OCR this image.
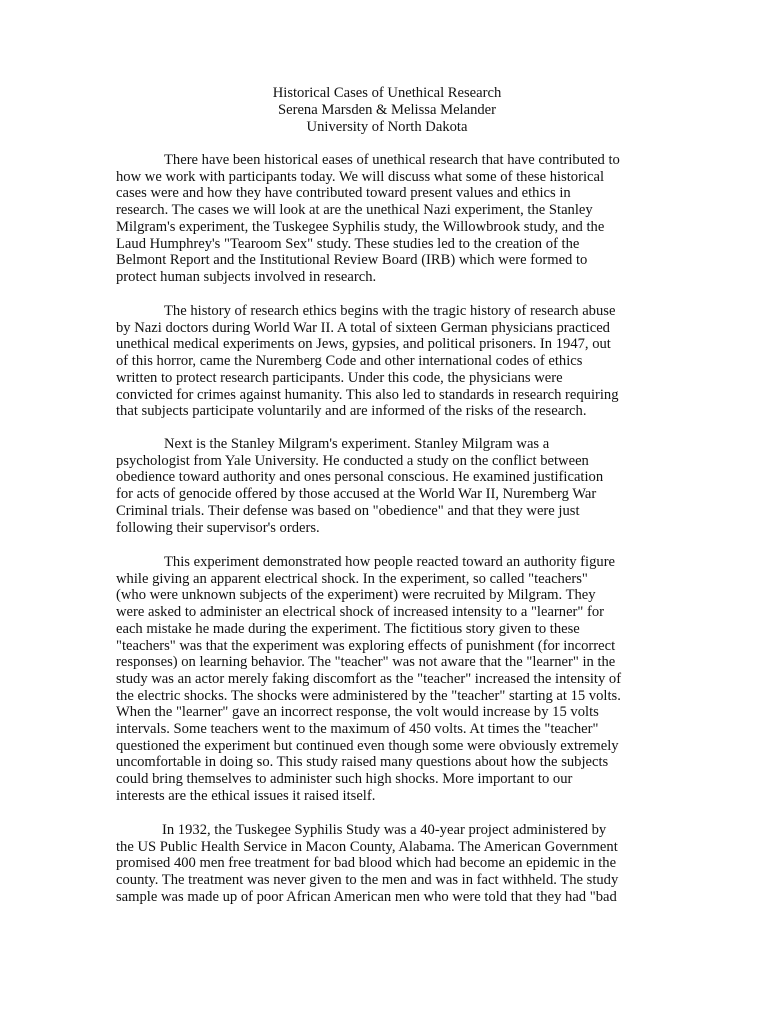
Historical Cases of Unethical Research
Serena Marsden & Melissa Melander
University of North Dakota
There have been historical eases of unethical research that have contributed to
how we work with participants today. We will discuss what some of these historical
cases were and how they have contributed toward present values and ethics in
research. The cases we will look at are the unethical Nazi experiment, the Stanley
Milgram's experiment, the Tuskegee Syphilis study, the Willowbrook study, and the
Laud Humphrey's "Tearoom Sex" study. These studies led to the creation of the
Belmont Report and the Institutional Review Board (IRB) which were formed to
protect human subjects involved in research.
The history of research ethics begins with the tragic history of research abuse
by Nazi doctors during World War II. A total of sixteen German physicians practiced
unethical medical experiments on Jews, gypsies, and political prisoners. In 1947, out
of this horror, came the Nuremberg Code and other international codes of ethics
written to protect research participants. Under this code, the physicians were
convicted for crimes against humanity. This also led to standards in research requiring
that subjects participate voluntarily and are informed of the risks of the research.
Next is the Stanley Milgram's experiment. Stanley Milgram was a
psychologist from Yale University. He conducted a study on the conflict between
obedience toward authority and ones personal conscious. He examined justification
for acts of genocide offered by those accused at the World War II, Nuremberg War
Criminal trials. Their defense was based on "obedience" and that they were just
following their supervisor's orders.
This experiment demonstrated how people reacted toward an authority figure
while giving an apparent electrical shock. In the experiment, so called "teachers"
(who were unknown subjects of the experiment) were recruited by Milgram. They
were asked to administer an electrical shock of increased intensity to a "learner" for
each mistake he made during the experiment. The fictitious story given to these
"teachers" was that the experiment was exploring effects of punishment (for incorrect
responses) on learning behavior. The "teacher" was not aware that the "learner" in the
study was an actor merely faking discomfort as the "teacher" increased the intensity of
the electric shocks. The shocks were administered by the "teacher" starting at 15 volts.
When the "learner" gave an incorrect response, the volt would increase by 15 volts
intervals. Some teachers went to the maximum of 450 volts. At times the "teacher"
questioned the experiment but continued even though some were obviously extremely
uncomfortable in doing so. This study raised many questions about how the subjects
could bring themselves to administer such high shocks. More important to our
interests are the ethical issues it raised itself.
In 1932, the Tuskegee Syphilis Study was a 40-year project administered by
the US Public Health Service in Macon County, Alabama. The American Government
promised 400 men free treatment for bad blood which had become an epidemic in the
county. The treatment was never given to the men and was in fact withheld. The study
sample was made up of poor African American men who were told that they had "bad
